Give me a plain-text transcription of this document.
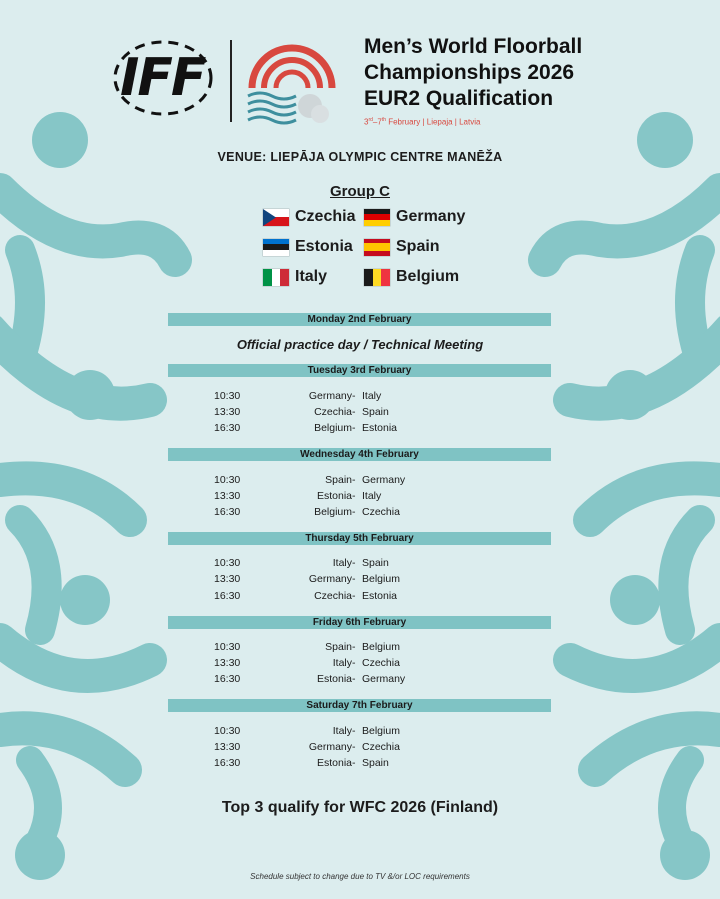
IFF
Men’s World Floorball
Championships 2026
EUR2 Qualification
3rd–7th February | Liepaja | Latvia
VENUE: LIEPĀJA OLYMPIC CENTRE MANĒŽA
Group C
Czechia	Germany
Estonia	Spain
Italy	Belgium
Monday 2nd February
Official practice day / Technical Meeting
Tuesday 3rd February
10:30	Germany - Italy
13:30	Czechia - Spain
16:30	Belgium - Estonia
Wednesday 4th February
10:30	Spain - Germany
13:30	Estonia - Italy
16:30	Belgium - Czechia
Thursday 5th February
10:30	Italy - Spain
13:30	Germany - Belgium
16:30	Czechia - Estonia
Friday 6th February
10:30	Spain - Belgium
13:30	Italy - Czechia
16:30	Estonia - Germany
Saturday 7th February
10:30	Italy - Belgium
13:30	Germany - Czechia
16:30	Estonia - Spain
Top 3 qualify for WFC 2026 (Finland)
Schedule subject to change due to TV &/or LOC requirements
